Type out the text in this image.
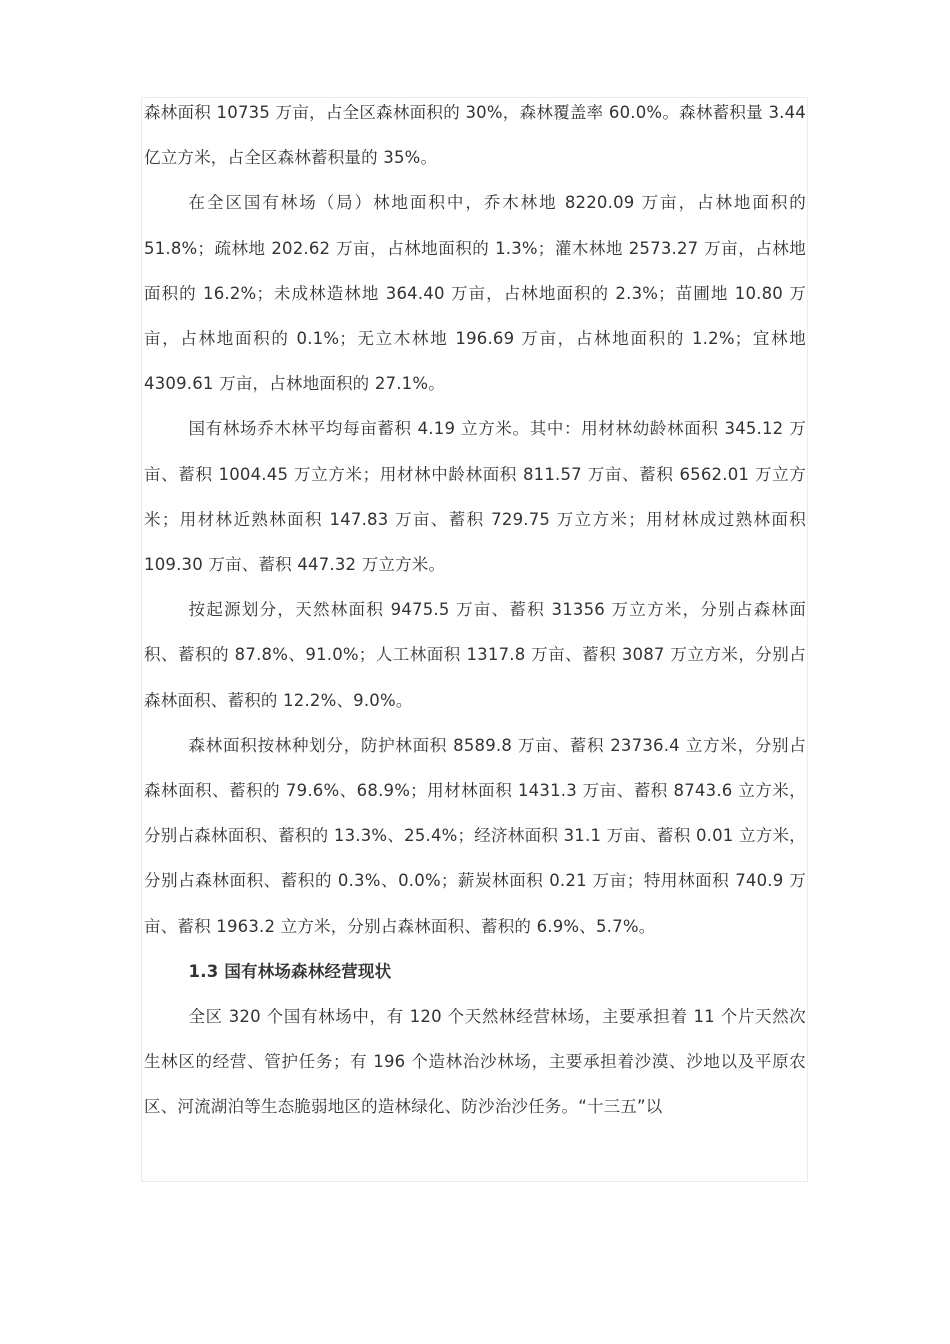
森林面积 10735 万亩，占全区森林面积的 30%，森林覆盖率 60.0%。森林蓄积量 3.44 亿立方米，占全区森林蓄积量的 35%。

在全区国有林场（局）林地面积中，乔木林地 8220.09 万亩，占林地面积的 51.8%；疏林地 202.62 万亩，占林地面积的 1.3%；灌木林地 2573.27 万亩，占林地面积的 16.2%；未成林造林地 364.40 万亩，占林地面积的 2.3%；苗圃地 10.80 万亩，占林地面积的 0.1%；无立木林地 196.69 万亩，占林地面积的 1.2%；宜林地 4309.61 万亩，占林地面积的 27.1%。

国有林场乔木林平均每亩蓄积 4.19 立方米。其中：用材林幼龄林面积 345.12 万亩、蓄积 1004.45 万立方米；用材林中龄林面积 811.57 万亩、蓄积 6562.01 万立方米；用材林近熟林面积 147.83 万亩、蓄积 729.75 万立方米；用材林成过熟林面积 109.30 万亩、蓄积 447.32 万立方米。

按起源划分，天然林面积 9475.5 万亩、蓄积 31356 万立方米，分别占森林面积、蓄积的 87.8%、91.0%；人工林面积 1317.8 万亩、蓄积 3087 万立方米，分别占森林面积、蓄积的 12.2%、9.0%。

森林面积按林种划分，防护林面积 8589.8 万亩、蓄积 23736.4 立方米，分别占森林面积、蓄积的 79.6%、68.9%；用材林面积 1431.3 万亩、蓄积 8743.6 立方米，分别占森林面积、蓄积的 13.3%、25.4%；经济林面积 31.1 万亩、蓄积 0.01 立方米，分别占森林面积、蓄积的 0.3%、0.0%；薪炭林面积 0.21 万亩；特用林面积 740.9 万亩、蓄积 1963.2 立方米，分别占森林面积、蓄积的 6.9%、5.7%。

1.3 国有林场森林经营现状

全区 320 个国有林场中，有 120 个天然林经营林场，主要承担着 11 个片天然次生林区的经营、管护任务；有 196 个造林治沙林场，主要承担着沙漠、沙地以及平原农区、河流湖泊等生态脆弱地区的造林绿化、防沙治沙任务。“十三五”以
